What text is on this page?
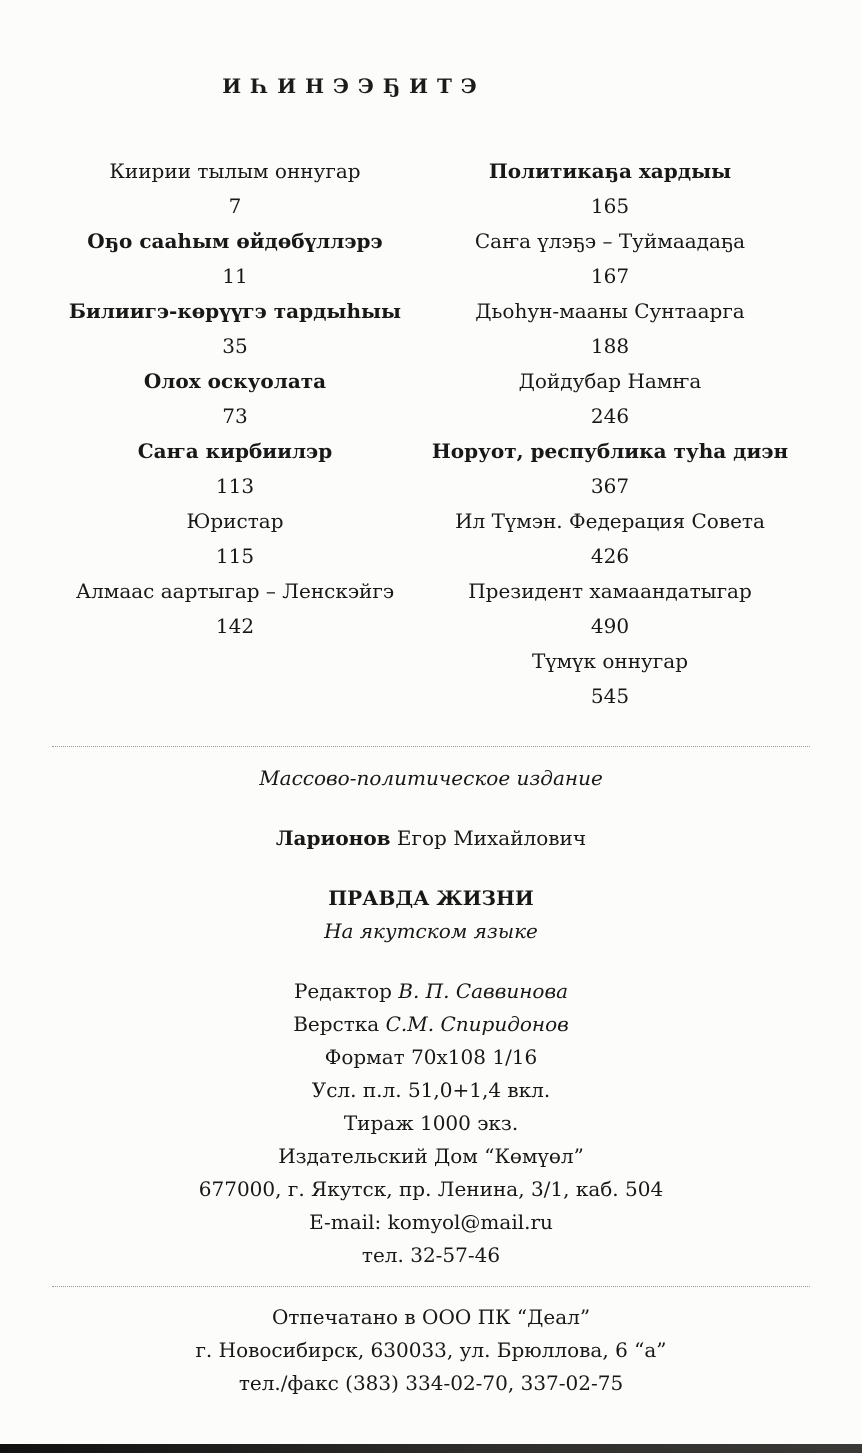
И Һ И Н Э Э Ҕ И Т Э

Киирии тылым оннугар

7

Оҕо сааһым өйдөбүллэрэ

11

Билиигэ-көрүүгэ тардыһыы

35

Олох оскуолата

73

Саҥа кирбиилэр

113

Юристар

115

Алмаас аартыгар – Ленскэйгэ

142

Политикаҕа хардыы

165

Саҥа үлэҕэ – Туймаадаҕа

167

Дьоһун-мааны Сунтаарга

188

Дойдубар Намҥа

246

Норуот, республика туһа диэн

367

Ил Түмэн. Федерация Совета

426

Президент хамаандатыгар

490

Түмүк оннугар

545

Массово-политическое издание

Ларионов Егор Михайлович

ПРАВДА ЖИЗНИ

На якутском языке

Редактор В. П. Саввинова

Верстка С.М. Спиридонов

Формат 70x108 1/16

Усл. п.л. 51,0+1,4 вкл.

Тираж 1000 экз.

Издательский Дом “Көмүөл”

677000, г. Якутск, пр. Ленина, 3/1, каб. 504

E-mail: komyol@mail.ru

тел. 32-57-46

Отпечатано в ООО ПК “Деал”

г. Новосибирск, 630033, ул. Брюллова, 6 “а”

тел./факс (383) 334-02-70, 337-02-75
